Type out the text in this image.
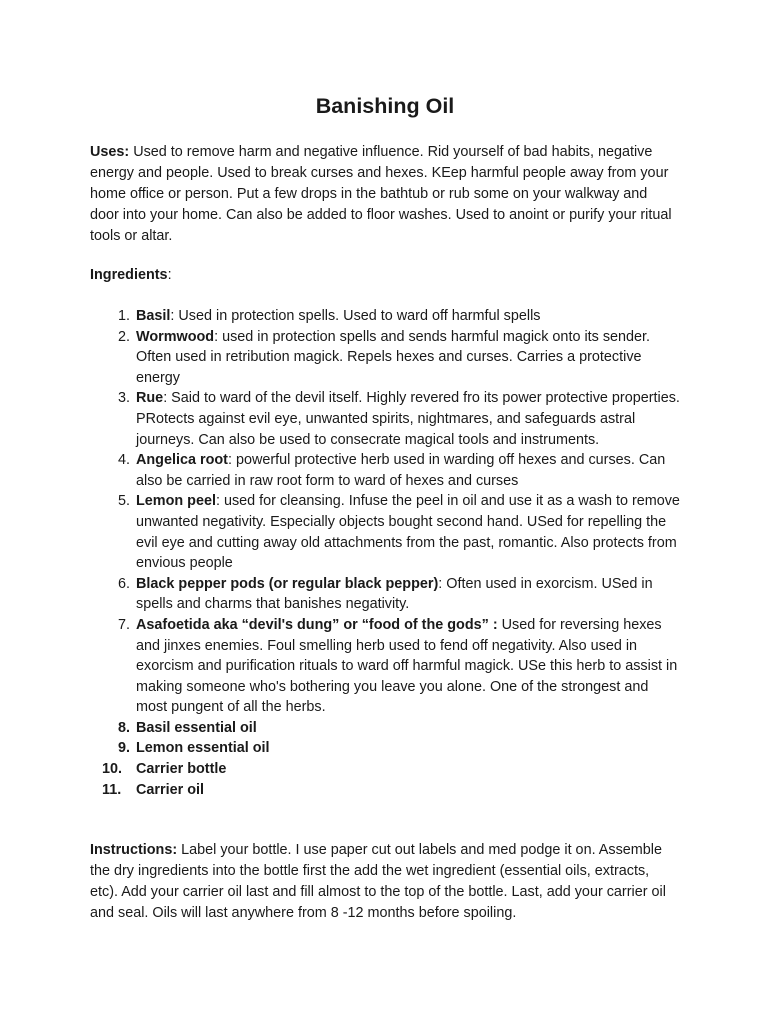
Banishing Oil

Uses: Used to remove harm and negative influence. Rid yourself of bad habits, negative energy and people. Used to break curses and hexes. KEep harmful people away from your home office or person. Put a few drops in the bathtub or rub some on your walkway and door into your home. Can also be added to floor washes. Used to anoint or purify your ritual tools or altar.

Ingredients:

1. Basil: Used in protection spells. Used to ward off harmful spells
2. Wormwood: used in protection spells and sends harmful magick onto its sender. Often used in retribution magick. Repels hexes and curses. Carries a protective energy
3. Rue: Said to ward of the devil itself. Highly revered fro its power protective properties. PRotects against evil eye, unwanted spirits, nightmares, and safeguards astral journeys. Can also be used to consecrate magical tools and instruments.
4. Angelica root: powerful protective herb used in warding off hexes and curses. Can also be carried in raw root form to ward of hexes and curses
5. Lemon peel: used for cleansing. Infuse the peel in oil and use it as a wash to remove unwanted negativity. Especially objects bought second hand. USed for repelling the evil eye and cutting away old attachments from the past, romantic. Also protects from envious people
6. Black pepper pods (or regular black pepper): Often used in exorcism. USed in spells and charms that banishes negativity.
7. Asafoetida aka “devil's dung” or “food of the gods” : Used for reversing hexes and jinxes enemies. Foul smelling herb used to fend off negativity. Also used in exorcism and purification rituals to ward off harmful magick. USe this herb to assist in making someone who's bothering you leave you alone. One of the strongest and most pungent of all the herbs.
8. Basil essential oil
9. Lemon essential oil
10. Carrier bottle
11.	Carrier oil

Instructions: Label your bottle. I use paper cut out labels and med podge it on. Assemble the dry ingredients into the bottle first the add the wet ingredient (essential oils, extracts, etc). Add your carrier oil last and fill almost to the top of the bottle. Last, add your carrier oil and seal. Oils will last anywhere from 8 -12 months before spoiling.
